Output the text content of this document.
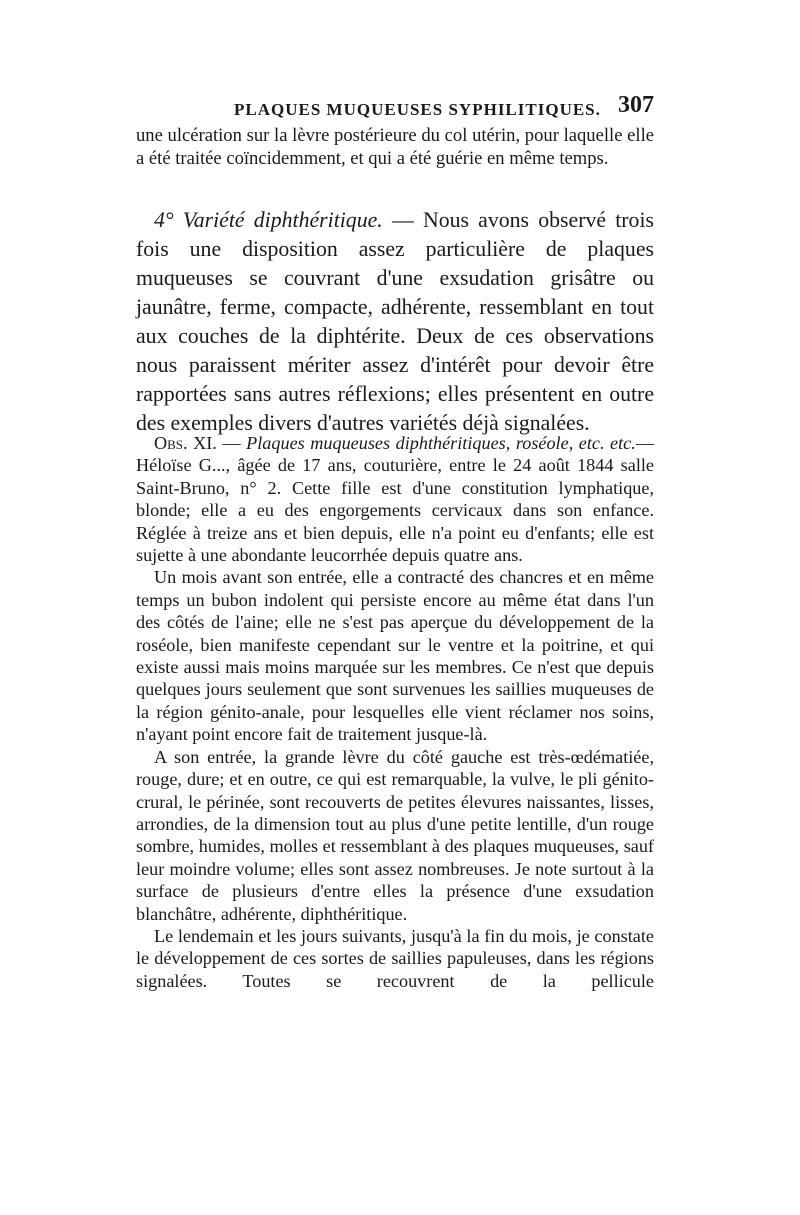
PLAQUES MUQUEUSES SYPHILITIQUES. 307

une ulcération sur la lèvre postérieure du col utérin, pour laquelle elle a été traitée coïncidemment, et qui a été guérie en même temps.

4° Variété diphthéritique. — Nous avons observé trois fois une disposition assez particulière de plaques muqueuses se couvrant d'une exsudation grisâtre ou jaunâtre, ferme, compacte, adhérente, ressemblant en tout aux couches de la diphtérite. Deux de ces observations nous paraissent mériter assez d'intérêt pour devoir être rapportées sans autres réflexions; elles présentent en outre des exemples divers d'autres variétés déjà signalées.

Obs. XI. — Plaques muqueuses diphthéritiques, roséole, etc. etc.— Héloïse G..., âgée de 17 ans, couturière, entre le 24 août 1844 salle Saint-Bruno, n° 2. Cette fille est d'une constitution lymphatique, blonde; elle a eu des engorgements cervicaux dans son enfance. Réglée à treize ans et bien depuis, elle n'a point eu d'enfants; elle est sujette à une abondante leucorrhée depuis quatre ans.

Un mois avant son entrée, elle a contracté des chancres et en même temps un bubon indolent qui persiste encore au même état dans l'un des côtés de l'aine; elle ne s'est pas aperçue du développement de la roséole, bien manifeste cependant sur le ventre et la poitrine, et qui existe aussi mais moins marquée sur les membres. Ce n'est que depuis quelques jours seulement que sont survenues les saillies muqueuses de la région génito-anale, pour lesquelles elle vient réclamer nos soins, n'ayant point encore fait de traitement jusque-là.

A son entrée, la grande lèvre du côté gauche est très-œdématiée, rouge, dure; et en outre, ce qui est remarquable, la vulve, le pli génito-crural, le périnée, sont recouverts de petites élevures naissantes, lisses, arrondies, de la dimension tout au plus d'une petite lentille, d'un rouge sombre, humides, molles et ressemblant à des plaques muqueuses, sauf leur moindre volume; elles sont assez nombreuses. Je note surtout à la surface de plusieurs d'entre elles la présence d'une exsudation blanchâtre, adhérente, diphthéritique.

Le lendemain et les jours suivants, jusqu'à la fin du mois, je constate le développement de ces sortes de saillies papuleuses, dans les régions signalées. Toutes se recouvrent de la pellicule
